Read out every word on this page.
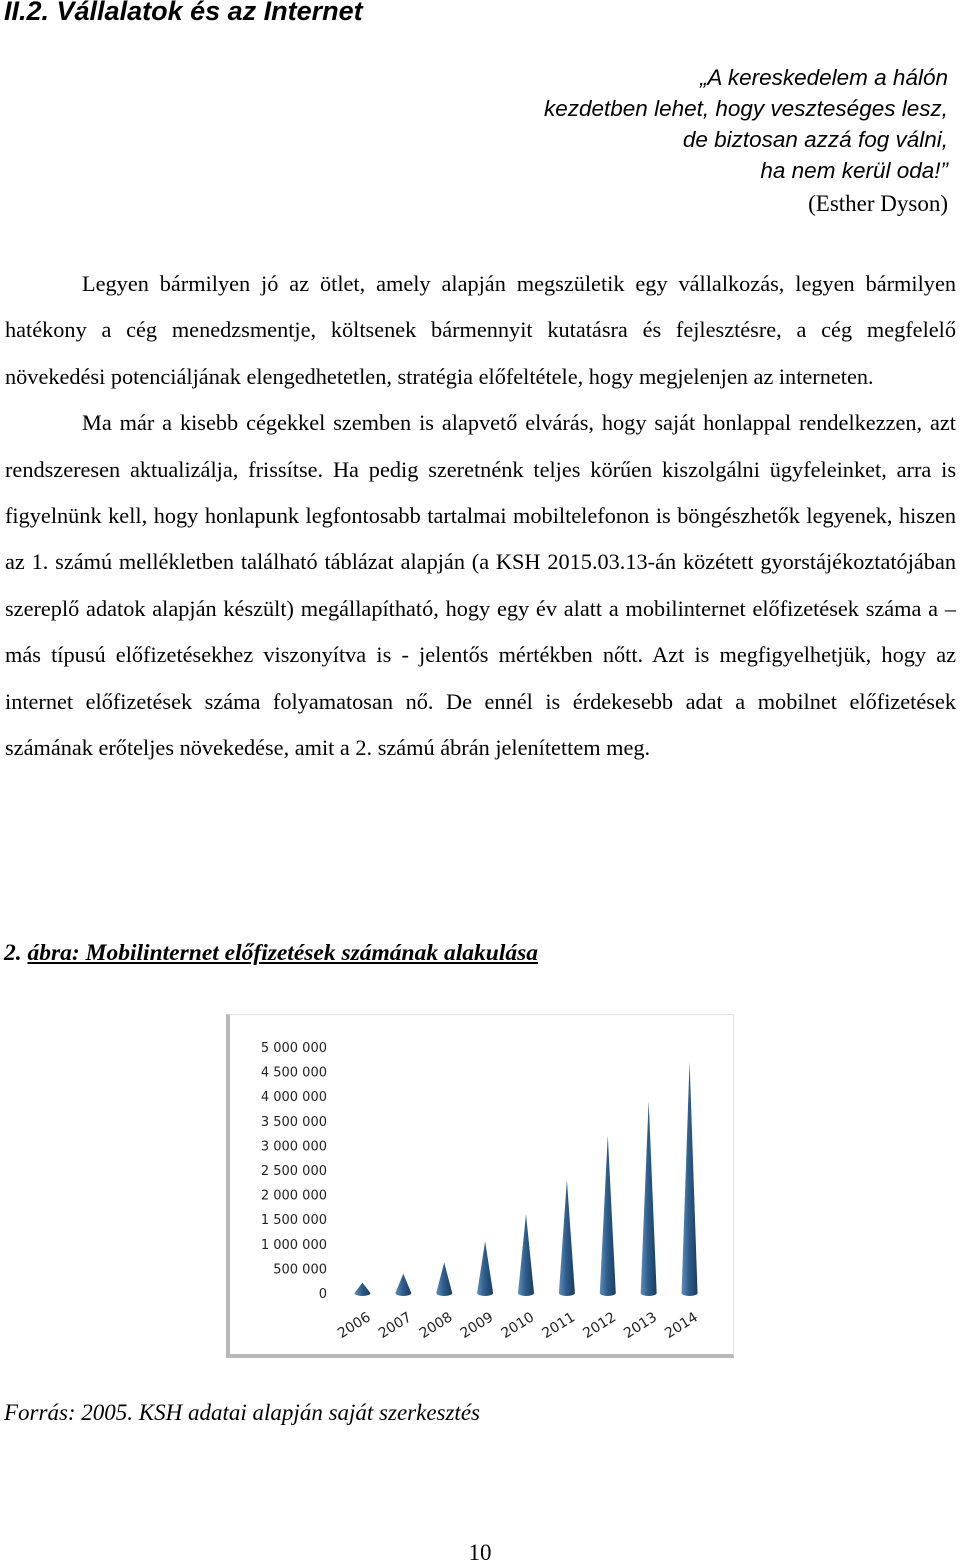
II.2. Vállalatok és az Internet
„A kereskedelem a hálón
kezdetben lehet, hogy veszteséges lesz,
de biztosan azzá fog válni,
ha nem kerül oda!”
(Esther Dyson)

Legyen bármilyen jó az ötlet, amely alapján megszületik egy vállalkozás, legyen bármilyen hatékony a cég menedzsmentje, költsenek bármennyit kutatásra és fejlesztésre, a cég megfelelő növekedési potenciáljának elengedhetetlen, stratégia előfeltétele, hogy megjelenjen az interneten.

Ma már a kisebb cégekkel szemben is alapvető elvárás, hogy saját honlappal rendelkezzen, azt rendszeresen aktualizálja, frissítse. Ha pedig szeretnénk teljes körűen kiszolgálni ügyfeleinket, arra is figyelnünk kell, hogy honlapunk legfontosabb tartalmai mobiltelefonon is böngészhetők legyenek, hiszen az 1. számú mellékletben található táblázat alapján (a KSH 2015.03.13-án közétett gyorstájékoztatójában szereplő adatok alapján készült) megállapítható, hogy egy év alatt a mobilinternet előfizetések száma a – más típusú előfizetésekhez viszonyítva is - jelentős mértékben nőtt. Azt is megfigyelhetjük, hogy az internet előfizetések száma folyamatosan nő. De ennél is érdekesebb adat a mobilnet előfizetések számának erőteljes növekedése, amit a 2. számú ábrán jelenítettem meg.

2. ábra: Mobilinternet előfizetések számának alakulása
0
500 000
1 000 000
1 500 000
2 000 000
2 500 000
3 000 000
3 500 000
4 000 000
4 500 000
5 000 000
2006 2007 2008 2009 2010 2011 2012 2013 2014
Forrás: 2005. KSH adatai alapján saját szerkesztés
10
